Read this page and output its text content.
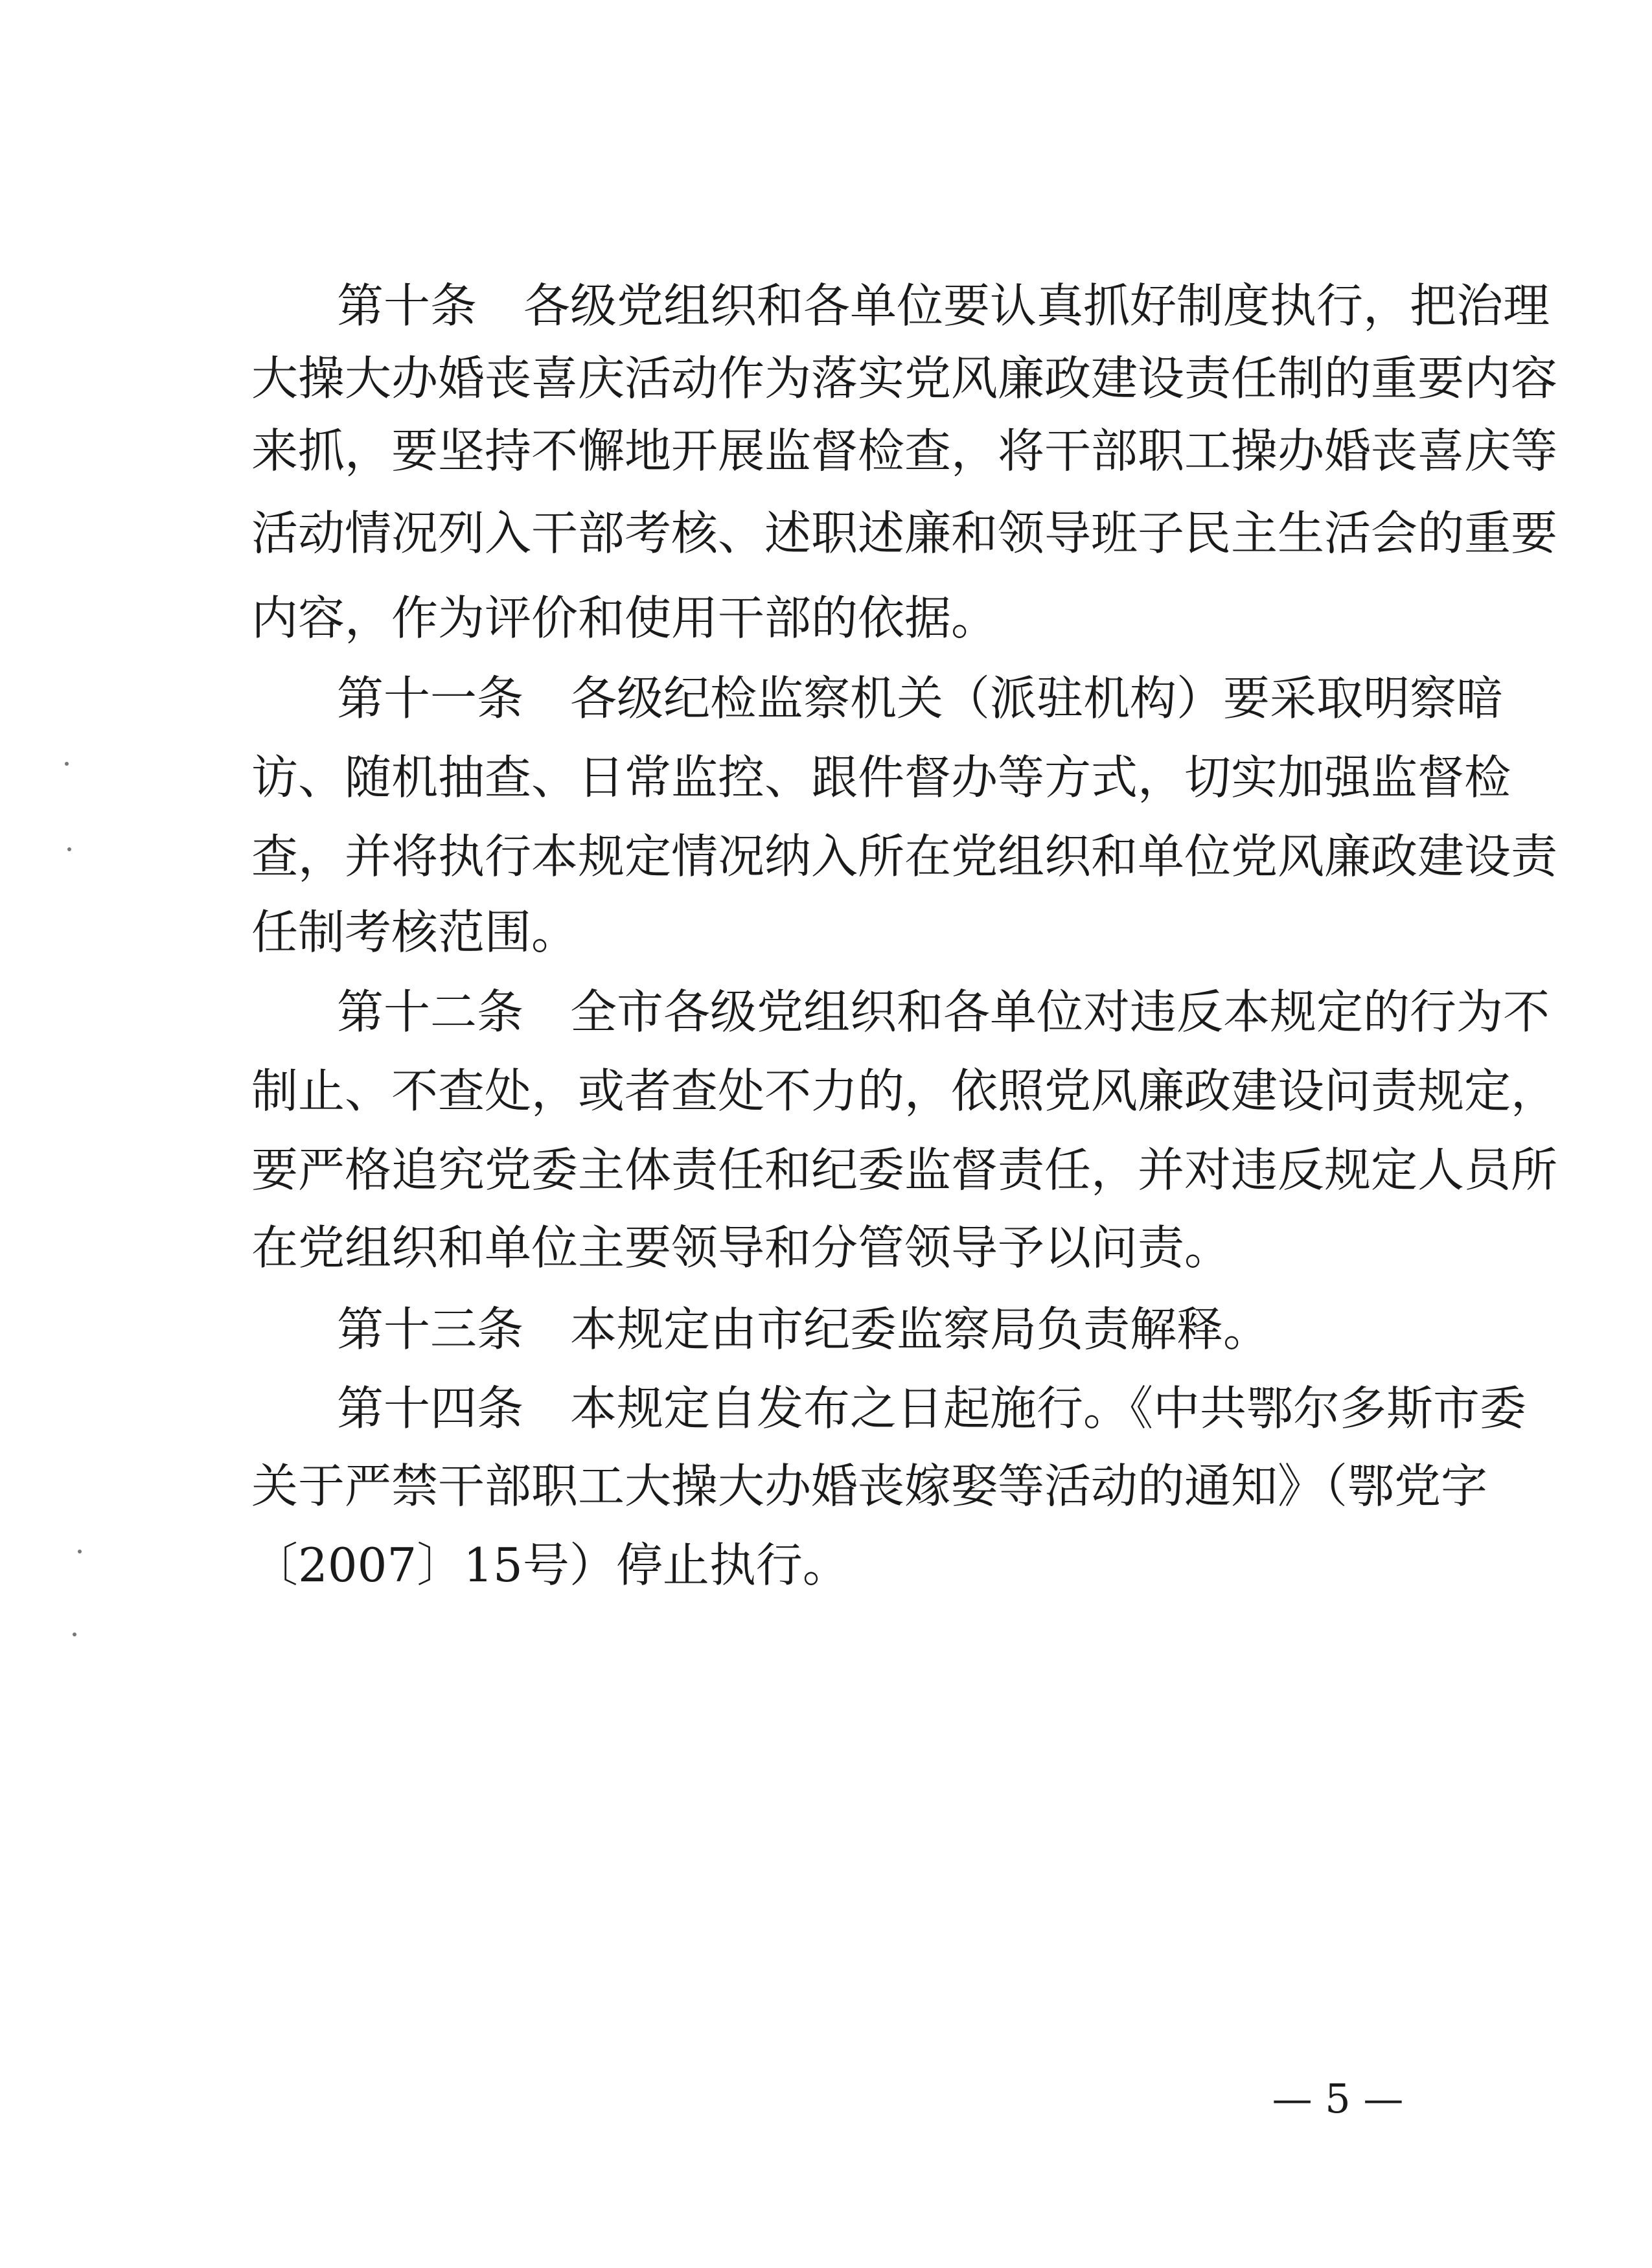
第十条　各级党组织和各单位要认真抓好制度执行，把治理
大操大办婚丧喜庆活动作为落实党风廉政建设责任制的重要内容
来抓，要坚持不懈地开展监督检查，将干部职工操办婚丧喜庆等
活动情况列入干部考核、述职述廉和领导班子民主生活会的重要
内容，作为评价和使用干部的依据。
第十一条　各级纪检监察机关（派驻机构）要采取明察暗
访、随机抽查、日常监控、跟件督办等方式，切实加强监督检
查，并将执行本规定情况纳入所在党组织和单位党风廉政建设责
任制考核范围。
第十二条　全市各级党组织和各单位对违反本规定的行为不
制止、不查处，或者查处不力的，依照党风廉政建设问责规定，
要严格追究党委主体责任和纪委监督责任，并对违反规定人员所
在党组织和单位主要领导和分管领导予以问责。
第十三条　本规定由市纪委监察局负责解释。
第十四条　本规定自发布之日起施行。《中共鄂尔多斯市委
关于严禁干部职工大操大办婚丧嫁娶等活动的通知》（鄂党字
〔2007〕15号）停止执行。
— 5 —
